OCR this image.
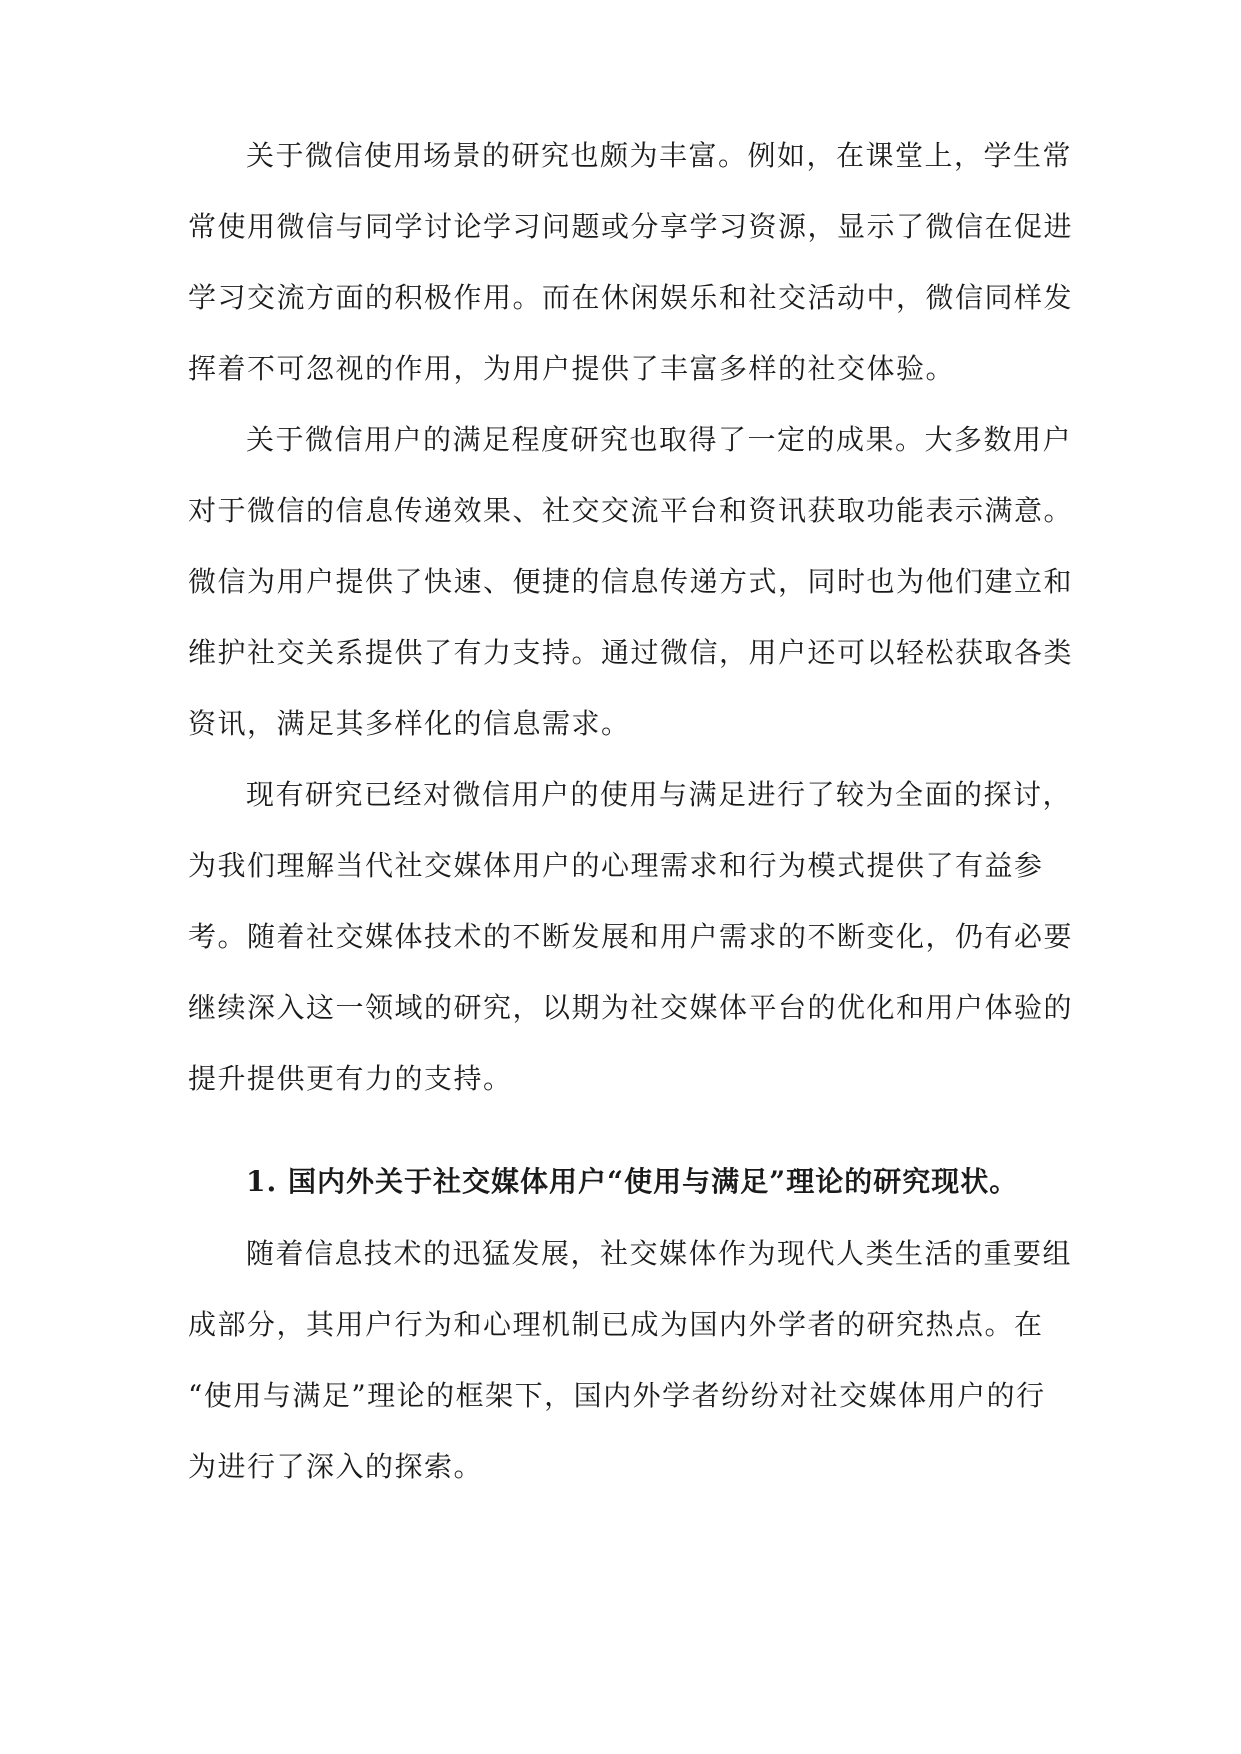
关于微信使用场景的研究也颇为丰富。例如，在课堂上，学生常
常使用微信与同学讨论学习问题或分享学习资源，显示了微信在促进
学习交流方面的积极作用。而在休闲娱乐和社交活动中，微信同样发
挥着不可忽视的作用，为用户提供了丰富多样的社交体验。
关于微信用户的满足程度研究也取得了一定的成果。大多数用户
对于微信的信息传递效果、社交交流平台和资讯获取功能表示满意。
微信为用户提供了快速、便捷的信息传递方式，同时也为他们建立和
维护社交关系提供了有力支持。通过微信，用户还可以轻松获取各类
资讯，满足其多样化的信息需求。
现有研究已经对微信用户的使用与满足进行了较为全面的探讨，
为我们理解当代社交媒体用户的心理需求和行为模式提供了有益参
考。随着社交媒体技术的不断发展和用户需求的不断变化，仍有必要
继续深入这一领域的研究，以期为社交媒体平台的优化和用户体验的
提升提供更有力的支持。
1. 国内外关于社交媒体用户“使用与满足”理论的研究现状。
随着信息技术的迅猛发展，社交媒体作为现代人类生活的重要组
成部分，其用户行为和心理机制已成为国内外学者的研究热点。在
“使用与满足”理论的框架下，国内外学者纷纷对社交媒体用户的行
为进行了深入的探索。
